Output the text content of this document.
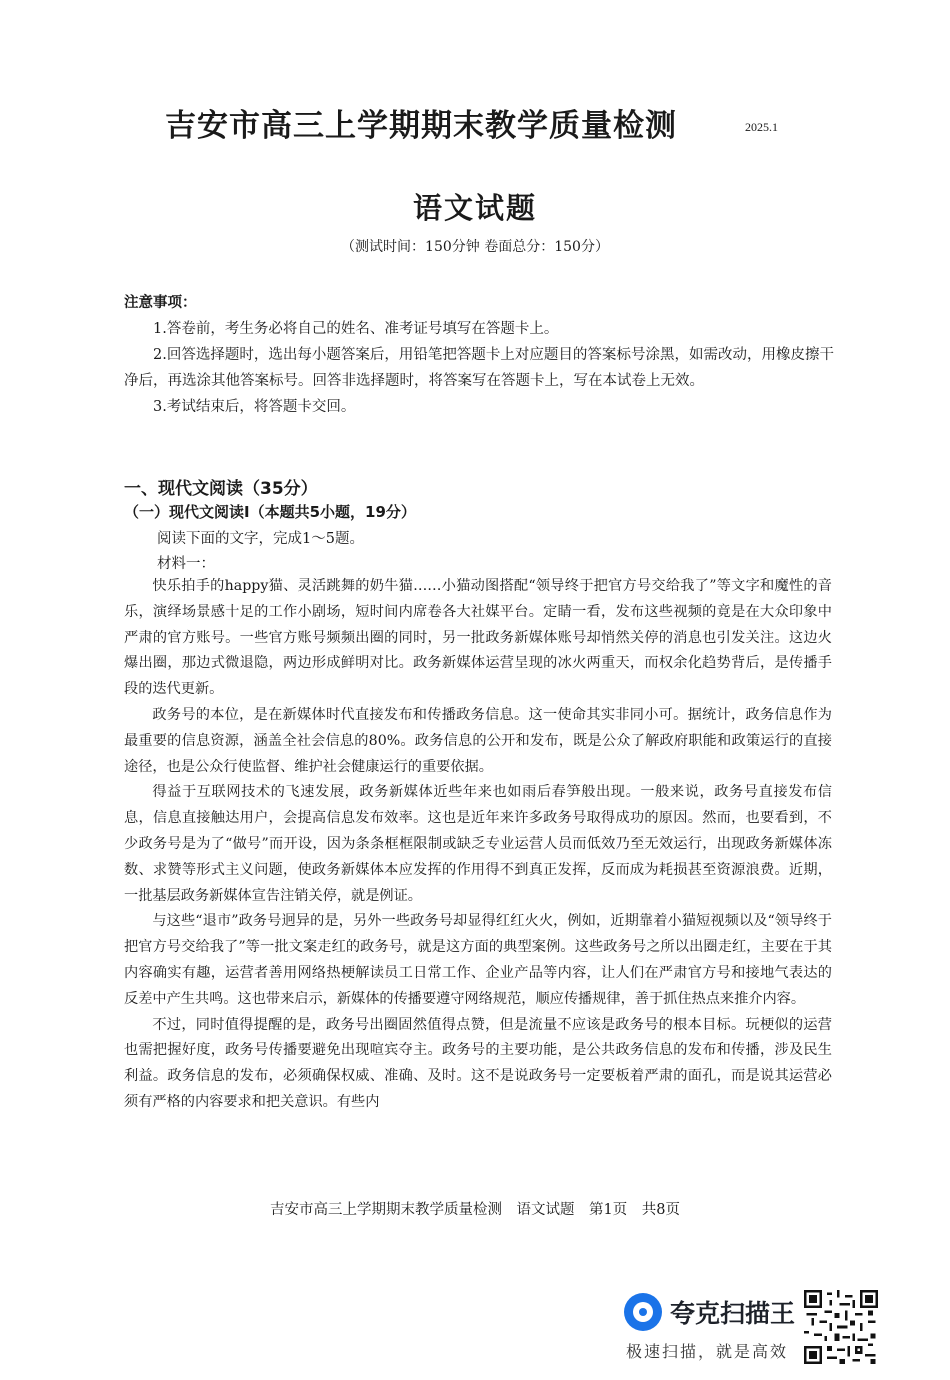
吉安市高三上学期期末教学质量检测	2025.1
语文试题
（测试时间：150分钟 卷面总分：150分）
注意事项：
1.答卷前，考生务必将自己的姓名、准考证号填写在答题卡上。
2.回答选择题时，选出每小题答案后，用铅笔把答题卡上对应题目的答案标号涂黑，如需改动，用橡皮擦干净后，再选涂其他答案标号。回答非选择题时，将答案写在答题卡上，写在本试卷上无效。
3.考试结束后，将答题卡交回。
一、现代文阅读（35分）
（一）现代文阅读Ⅰ（本题共5小题，19分）
阅读下面的文字，完成1～5题。
材料一：

快乐拍手的happy猫、灵活跳舞的奶牛猫……小猫动图搭配“领导终于把官方号交给我了”等文字和魔性的音乐，演绎场景感十足的工作小剧场，短时间内席卷各大社媒平台。定睛一看，发布这些视频的竟是在大众印象中严肃的官方账号。一些官方账号频频出圈的同时，另一批政务新媒体账号却悄然关停的消息也引发关注。这边火爆出圈，那边式微退隐，两边形成鲜明对比。政务新媒体运营呈现的冰火两重天，而权余化趋势背后，是传播手段的迭代更新。

政务号的本位，是在新媒体时代直接发布和传播政务信息。这一使命其实非同小可。据统计，政务信息作为最重要的信息资源，涵盖全社会信息的80%。政务信息的公开和发布，既是公众了解政府职能和政策运行的直接途径，也是公众行使监督、维护社会健康运行的重要依据。

得益于互联网技术的飞速发展，政务新媒体近些年来也如雨后春笋般出现。一般来说，政务号直接发布信息，信息直接触达用户，会提高信息发布效率。这也是近年来许多政务号取得成功的原因。然而，也要看到，不少政务号是为了“做号”而开设，因为条条框框限制或缺乏专业运营人员而低效乃至无效运行，出现政务新媒体冻数、求赞等形式主义问题，使政务新媒体本应发挥的作用得不到真正发挥，反而成为耗损甚至资源浪费。近期，一批基层政务新媒体宣告注销关停，就是例证。

与这些“退市”政务号迥异的是，另外一些政务号却显得红红火火，例如，近期靠着小猫短视频以及“领导终于把官方号交给我了”等一批文案走红的政务号，就是这方面的典型案例。这些政务号之所以出圈走红，主要在于其内容确实有趣，运营者善用网络热梗解读员工日常工作、企业产品等内容，让人们在严肃官方号和接地气表达的反差中产生共鸣。这也带来启示，新媒体的传播要遵守网络规范，顺应传播规律，善于抓住热点来推介内容。

不过，同时值得提醒的是，政务号出圈固然值得点赞，但是流量不应该是政务号的根本目标。玩梗似的运营也需把握好度，政务号传播要避免出现喧宾夺主。政务号的主要功能，是公共政务信息的发布和传播，涉及民生利益。政务信息的发布，必须确保权威、准确、及时。这不是说政务号一定要板着严肃的面孔，而是说其运营必须有严格的内容要求和把关意识。有些内

吉安市高三上学期期末教学质量检测　语文试题　第1页　共8页
夸克扫描王
极速扫描，就是高效
